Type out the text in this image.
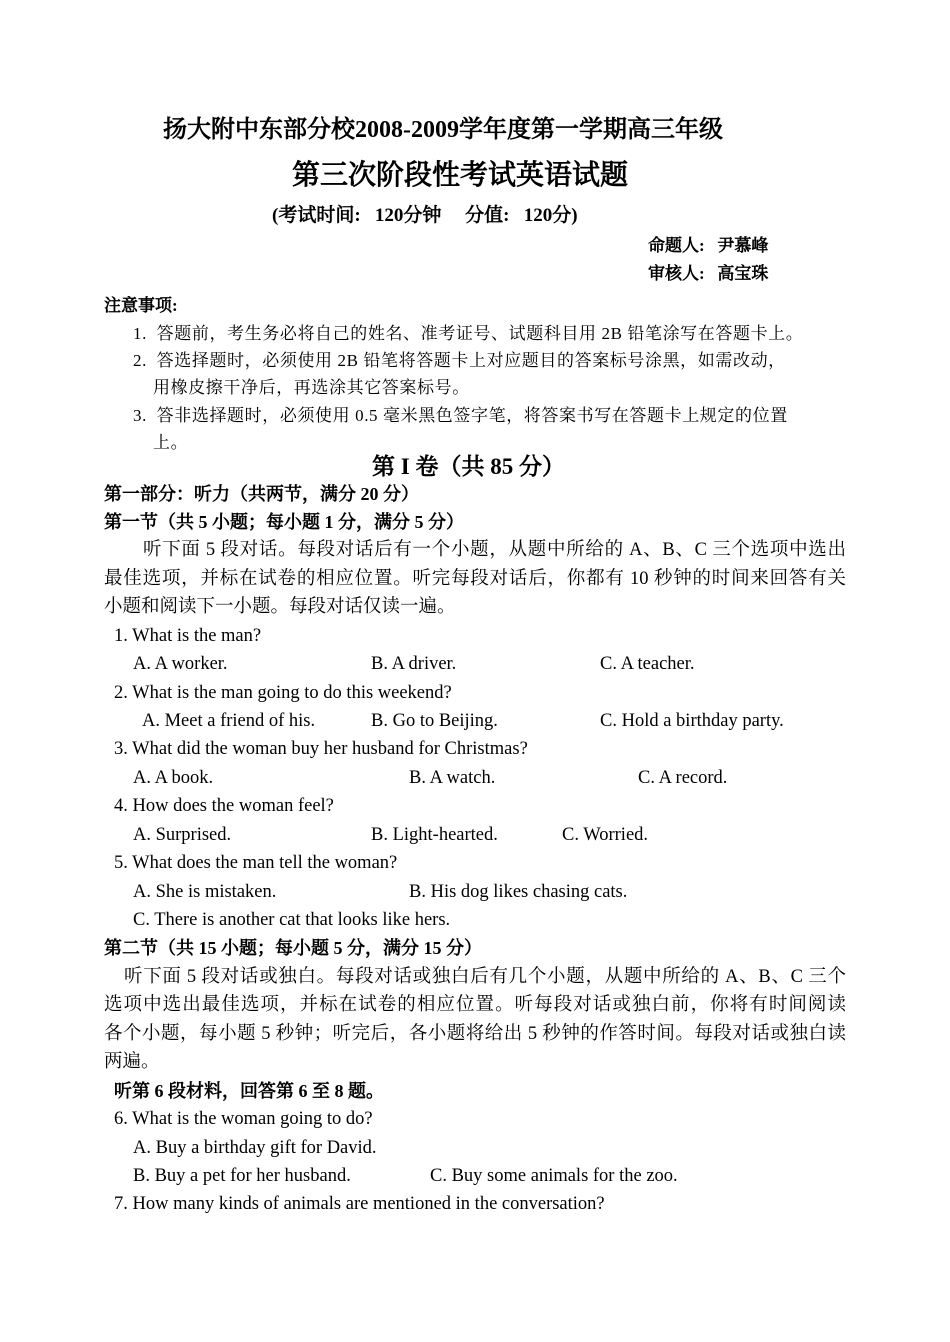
扬大附中东部分校2008-2009学年度第一学期高三年级
第三次阶段性考试英语试题
(考试时间:   120分钟     分值:   120分)
命题人:   尹慕峰
审核人:   高宝珠
注意事项:
1.  答题前，考生务必将自己的姓名、准考证号、试题科目用 2B 铅笔涂写在答题卡上。
2.  答选择题时，必须使用 2B 铅笔将答题卡上对应题目的答案标号涂黑，如需改动，
用橡皮擦干净后，再选涂其它答案标号。
3.  答非选择题时，必须使用 0.5 毫米黑色签字笔，将答案书写在答题卡上规定的位置
上。
第 I 卷（共 85 分）
第一部分：听力（共两节，满分 20 分）
第一节（共 5 小题；每小题 1 分，满分 5 分）
听下面 5 段对话。每段对话后有一个小题，从题中所给的 A、B、C 三个选项中选出
最佳选项，并标在试卷的相应位置。听完每段对话后，你都有 10 秒钟的时间来回答有关
小题和阅读下一小题。每段对话仅读一遍。
1. What is the man?
A. A worker.	B. A driver.	C. A teacher.
2. What is the man going to do this weekend?
A. Meet a friend of his.	B. Go to Beijing.	C. Hold a birthday party.
3. What did the woman buy her husband for Christmas?
A. A book.	B. A watch.	C. A record.
4. How does the woman feel?
A. Surprised.	B. Light-hearted.	C. Worried.
5. What does the man tell the woman?
A. She is mistaken.	B. His dog likes chasing cats.
C. There is another cat that looks like hers.
第二节（共 15 小题；每小题 5 分，满分 15 分）
听下面 5 段对话或独白。每段对话或独白后有几个小题，从题中所给的 A、B、C 三个
选项中选出最佳选项，并标在试卷的相应位置。听每段对话或独白前，你将有时间阅读
各个小题，每小题 5 秒钟；听完后，各小题将给出 5 秒钟的作答时间。每段对话或独白读
两遍。
听第 6 段材料，回答第 6 至 8 题。
6. What is the woman going to do?
A. Buy a birthday gift for David.
B. Buy a pet for her husband.	C. Buy some animals for the zoo.
7. How many kinds of animals are mentioned in the conversation?
